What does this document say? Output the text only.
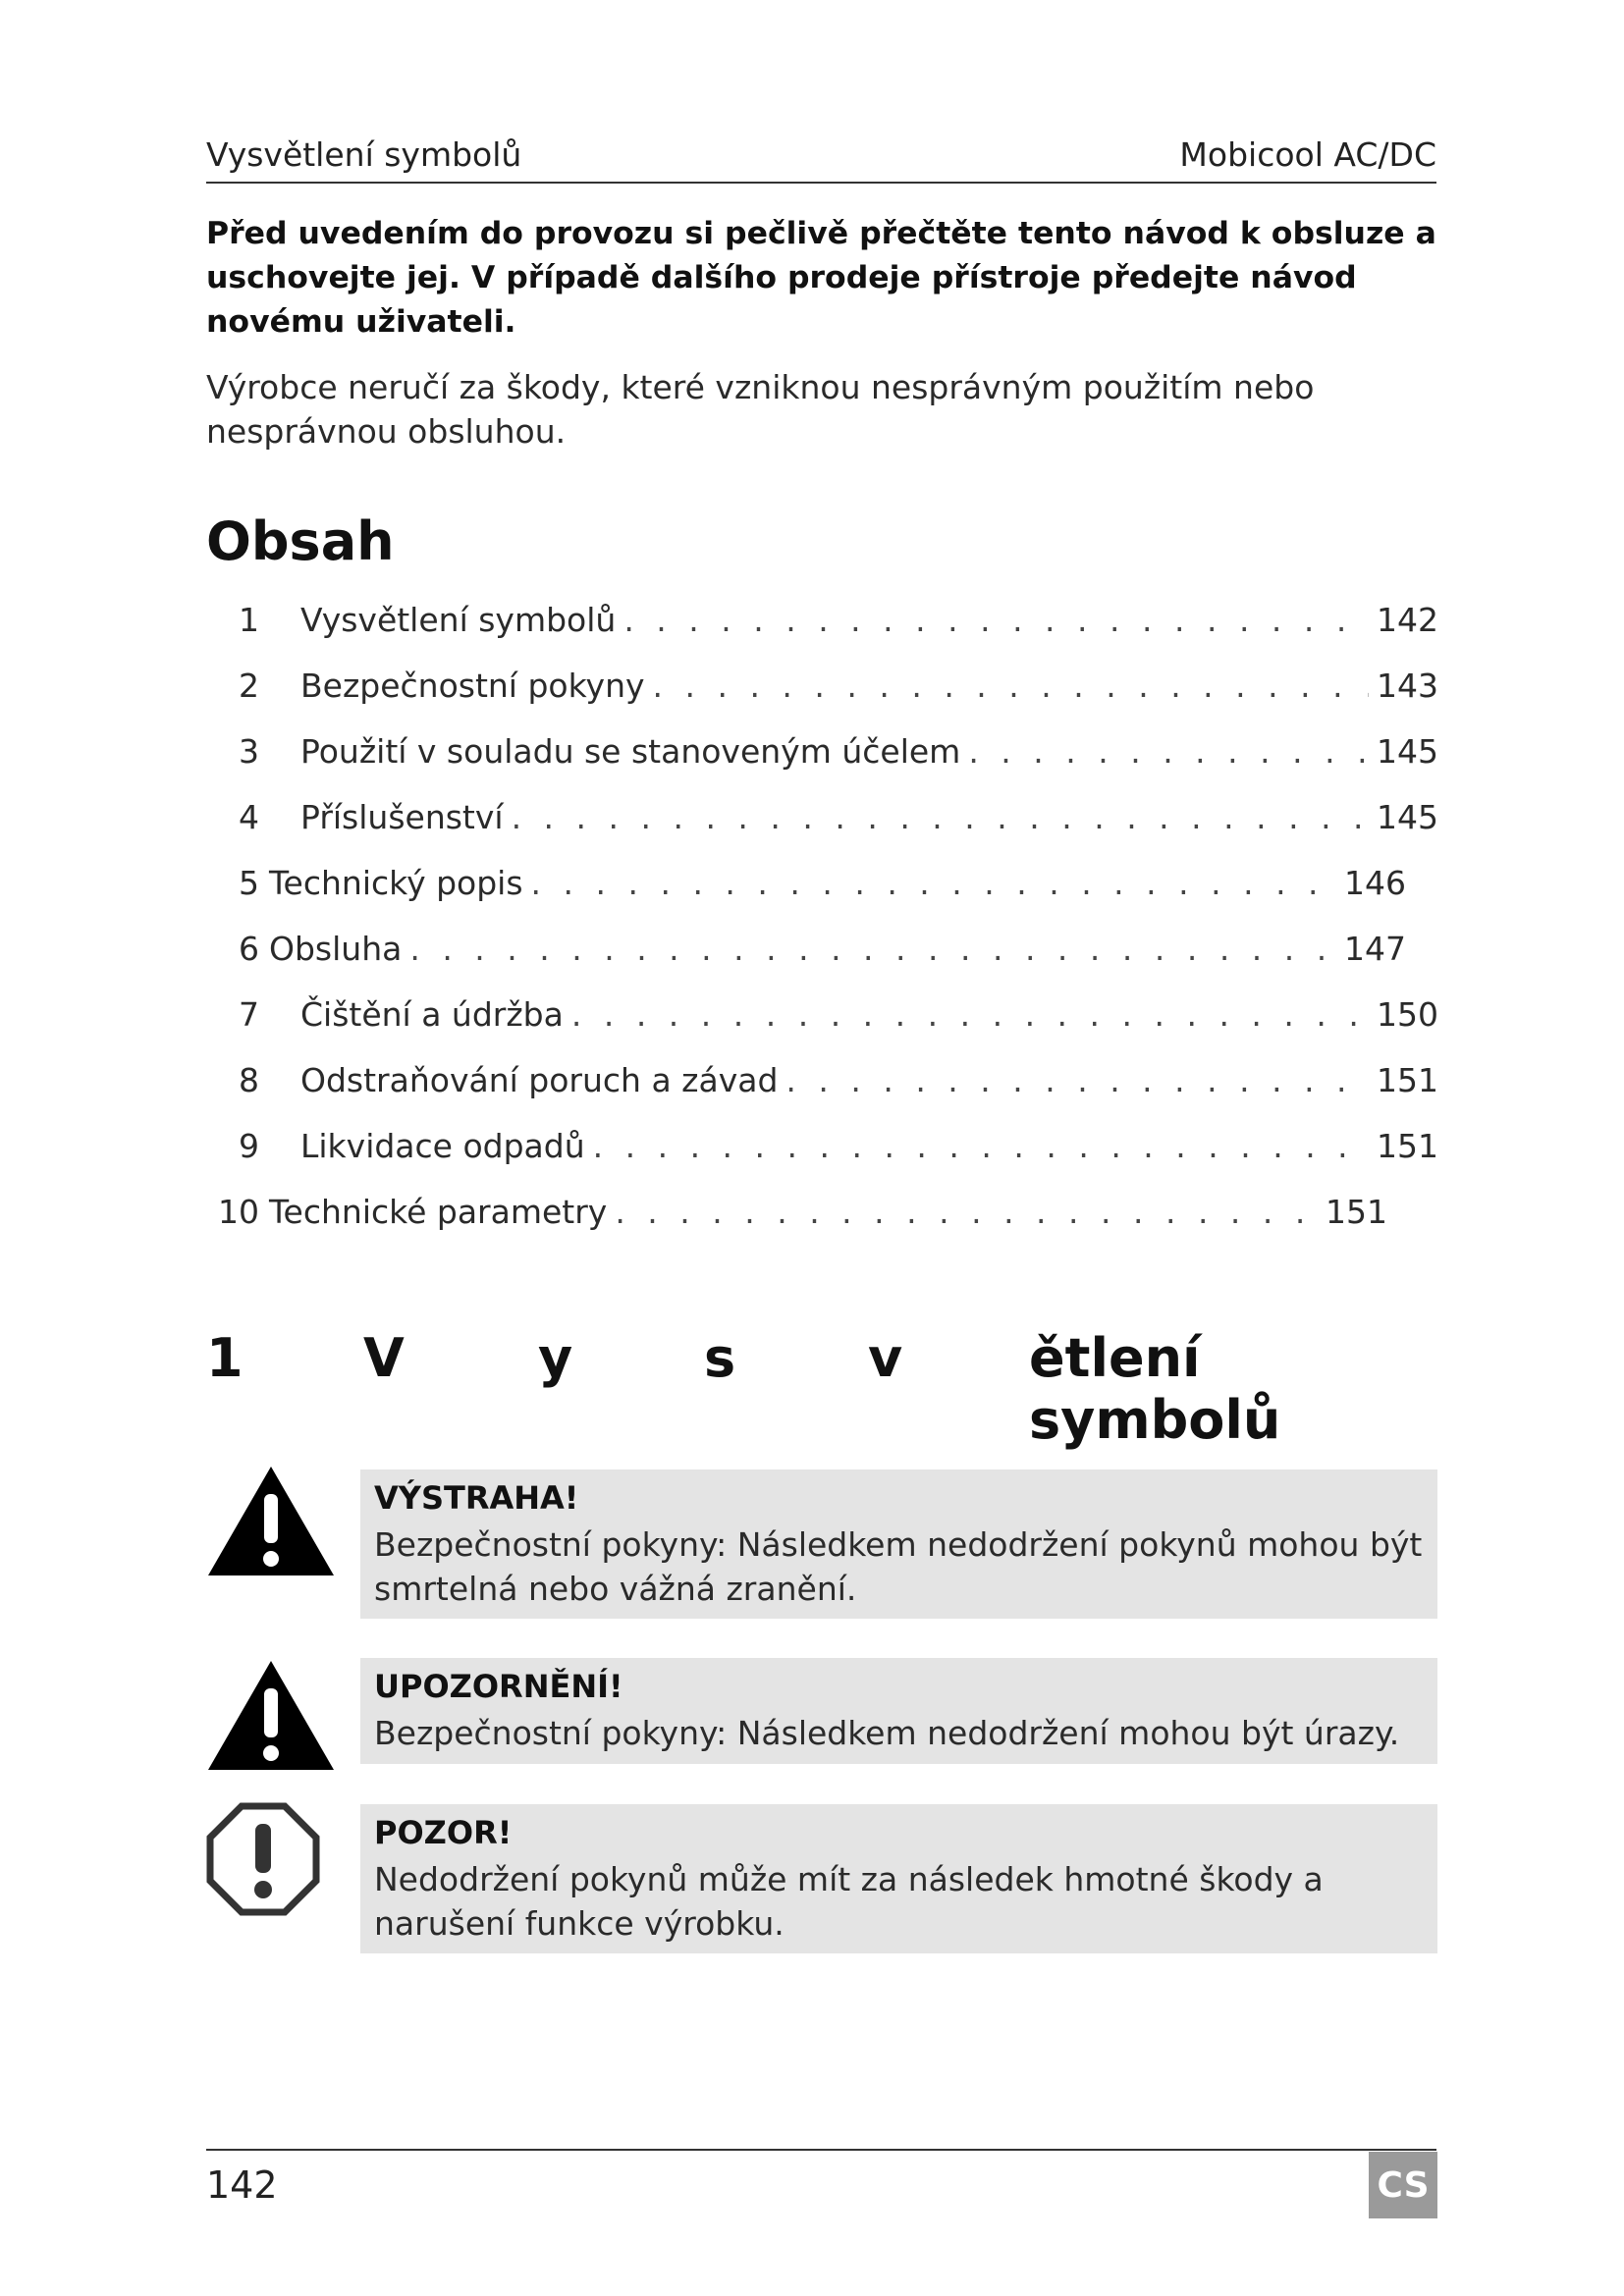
Vysvětlení symbolů	Mobicool AC/DC
Před uvedením do provozu si pečlivě přečtěte tento návod k obsluze a uschovejte jej. V případě dalšího prodeje přístroje předejte návod novému uživateli.
Výrobce neručí za škody, které vzniknou nesprávným použitím nebo nesprávnou obsluhou.
Obsah
1 Vysvětlení symbolů . . .	142
2 Bezpečnostní pokyny . . .	143
3 Použití v souladu se stanoveným účelem . . .	145
4 Příslušenství . . .	145
5 Technický popis . . .	146
6 Obsluha . . .	147
7 Čištění a údržba . . .	150
8 Odstraňování poruch a závad . . .	151
9 Likvidace odpadů . . .	151
10 Technické parametry . . .	151
1 V	y s v ětlení symbolů
VÝSTRAHA!
Bezpečnostní pokyny: Následkem nedodržení pokynů mohou být smrtelná nebo vážná zranění.
UPOZORNĚNÍ!
Bezpečnostní pokyny: Následkem nedodržení mohou být úrazy.
POZOR!
Nedodržení pokynů může mít za následek hmotné škody a narušení funkce výrobku.
142	CS
